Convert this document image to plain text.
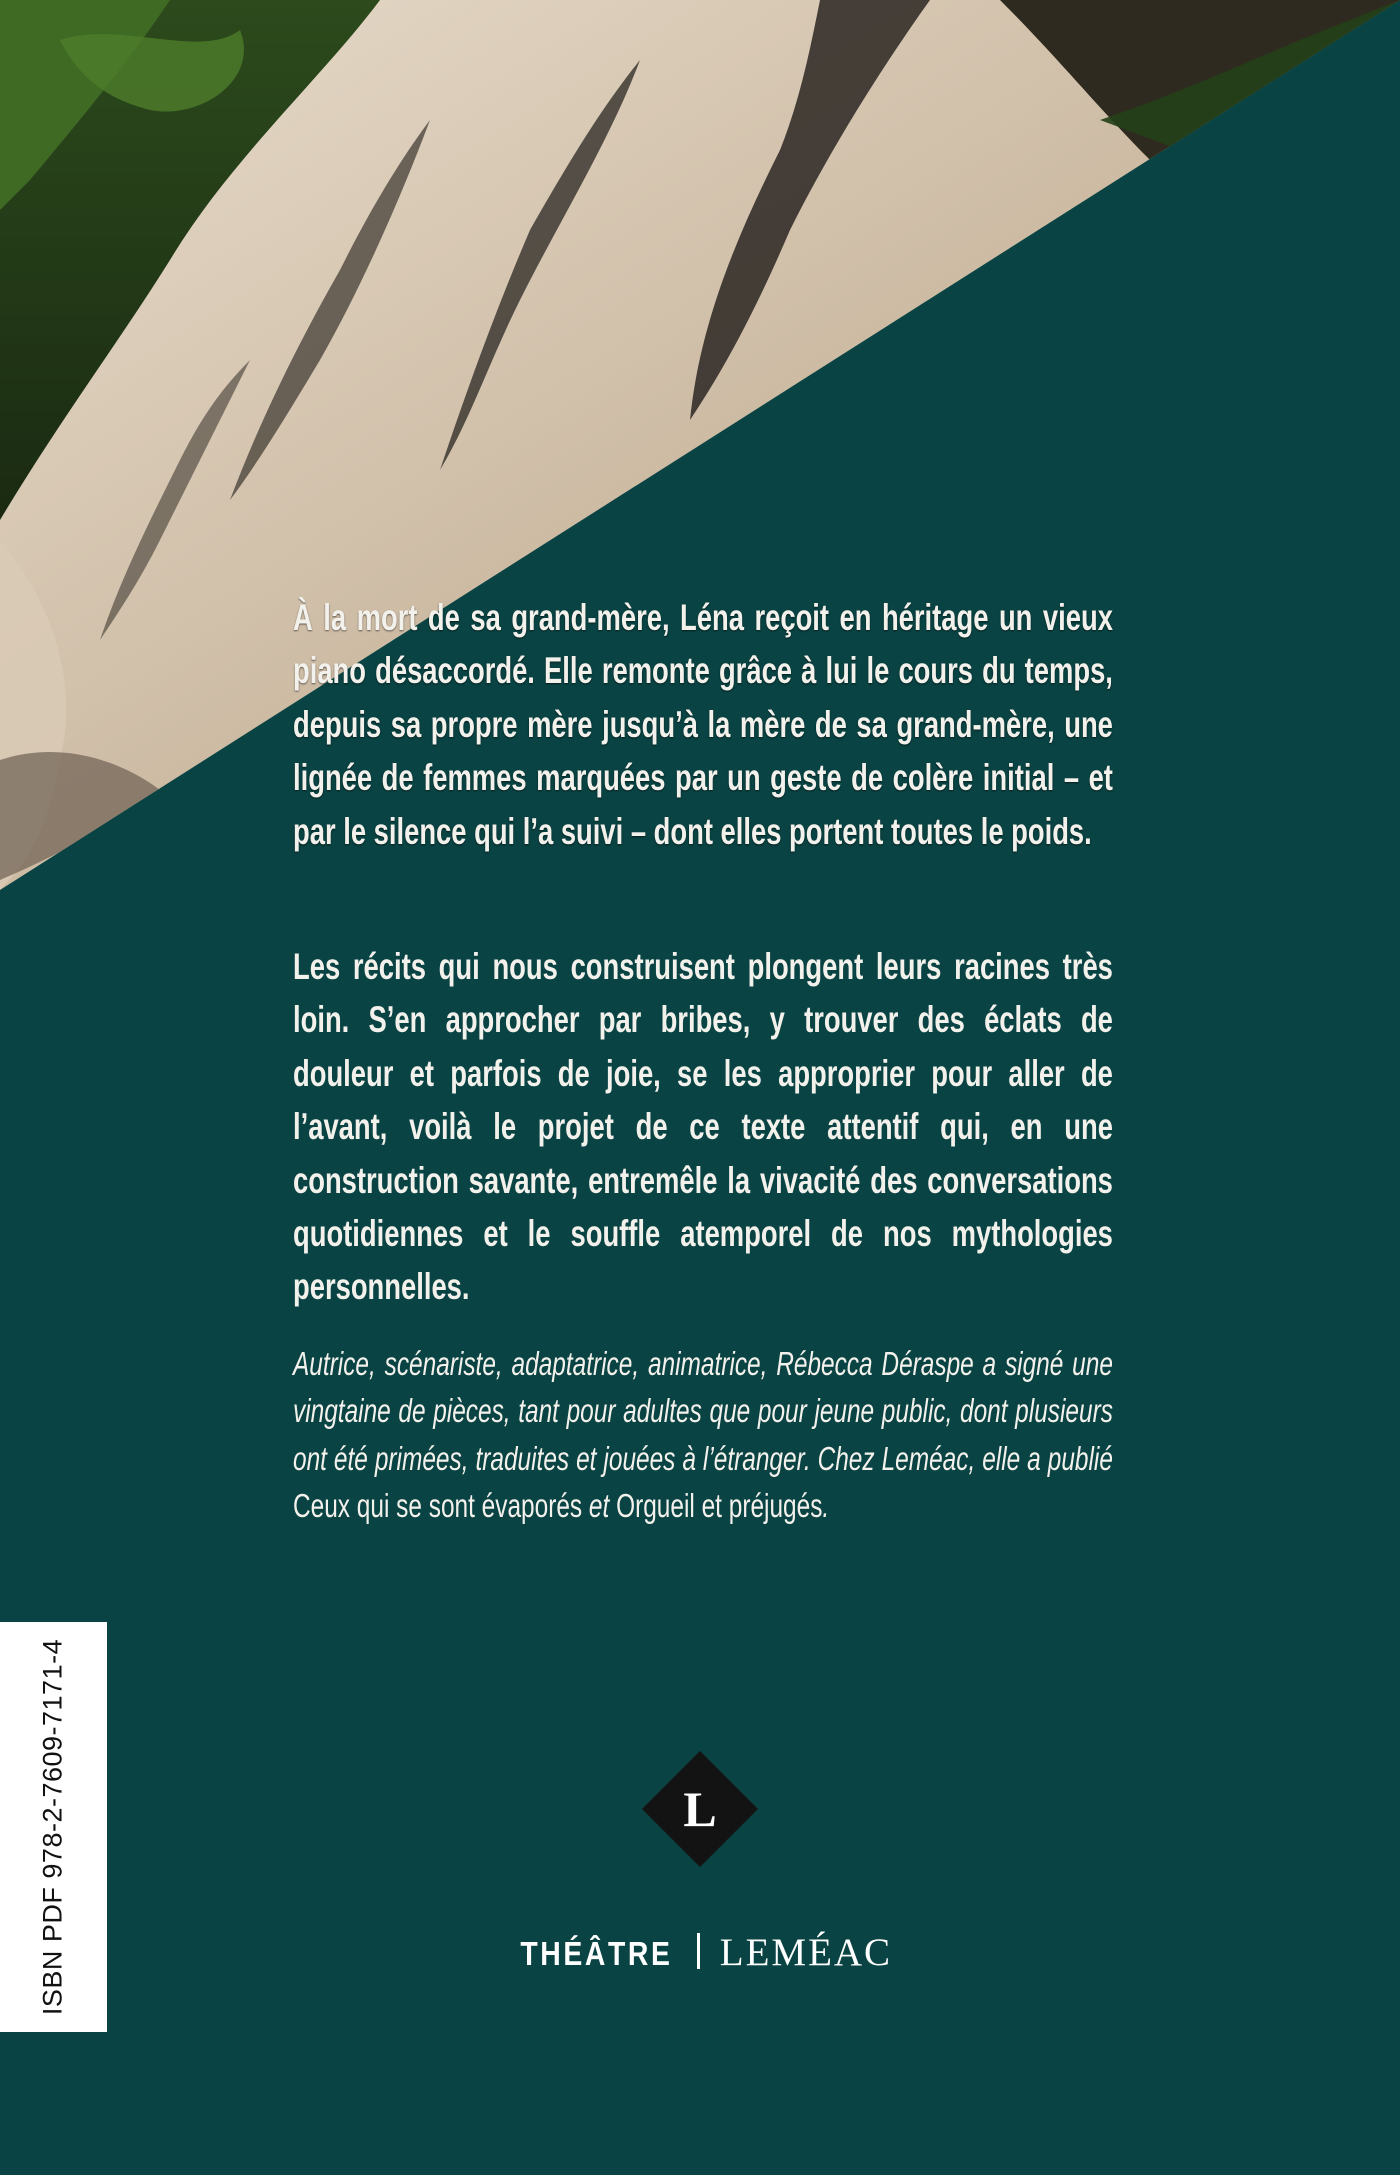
À la mort de sa grand-mère, Léna reçoit en héritage un vieux piano désaccordé. Elle remonte grâce à lui le cours du temps, depuis sa propre mère jusqu’à la mère de sa grand-mère, une lignée de femmes marquées par un geste de colère initial – et par le silence qui l’a suivi – dont elles portent toutes le poids.

Les récits qui nous construisent plongent leurs racines très loin. S’en approcher par bribes, y trouver des éclats de douleur et parfois de joie, se les approprier pour aller de l’avant, voilà le projet de ce texte attentif qui, en une construction savante, entremêle la vivacité des conversations quotidiennes et le souffle atemporel de nos mythologies personnelles.

Autrice, scénariste, adaptatrice, animatrice, Rébecca Déraspe a signé une vingtaine de pièces, tant pour adultes que pour jeune public, dont plusieurs ont été primées, traduites et jouées à l’étranger. Chez Leméac, elle a publié Ceux qui se sont évaporés et Orgueil et préjugés.

ISBN PDF 978-2-7609-7171-4	L
THÉÂTRE LEMÉAC
